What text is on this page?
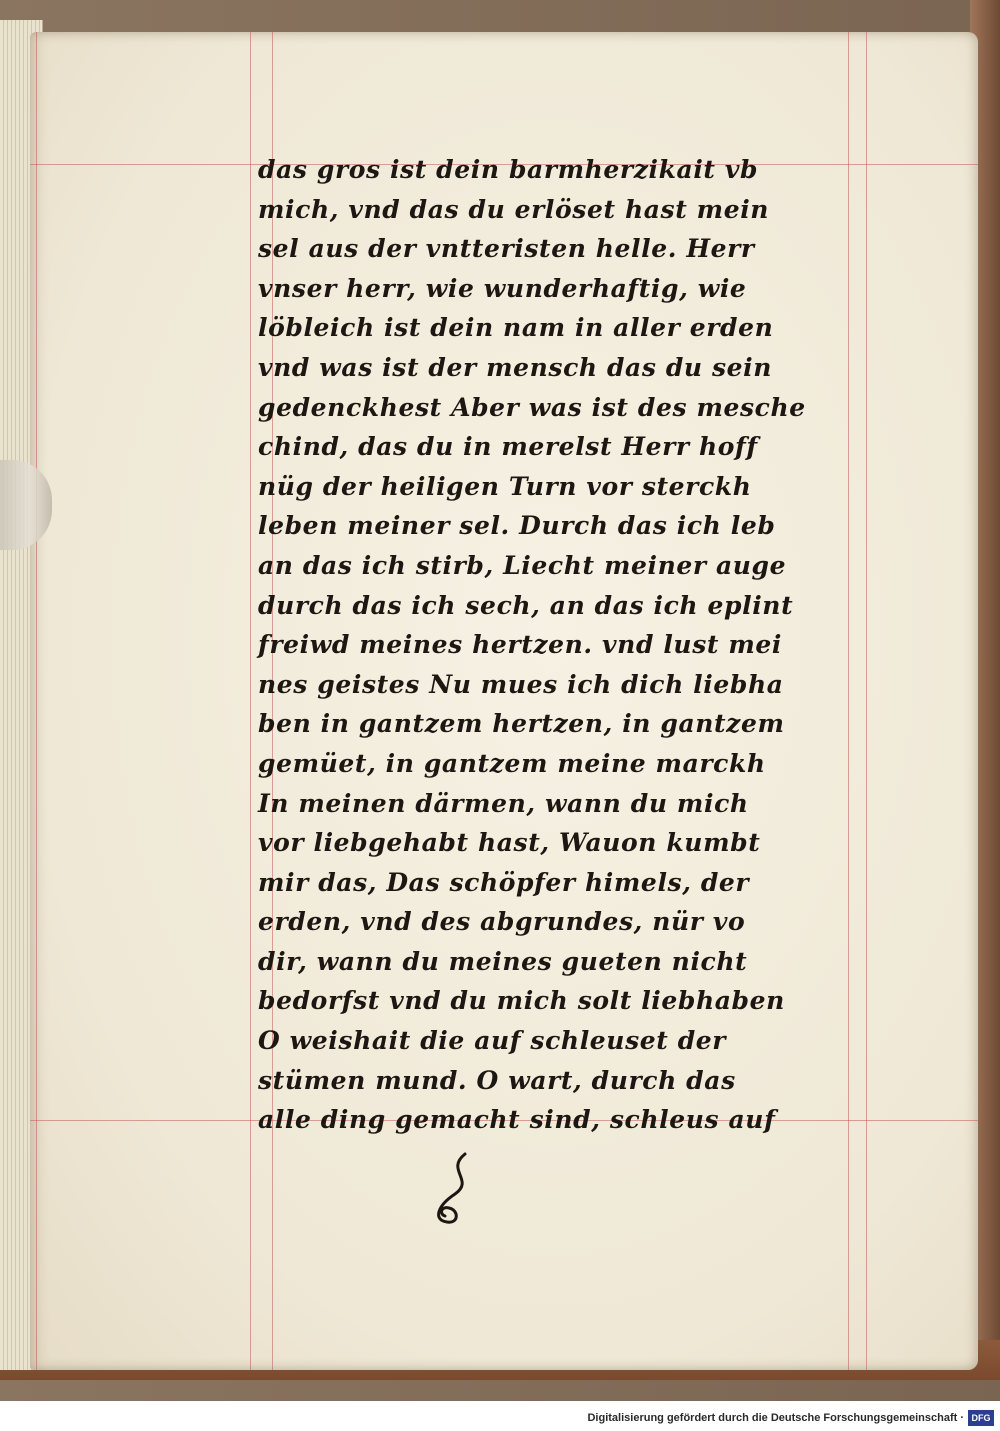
das gros ist dein barmherzikait vb
mich, vnd das du erlöset hast mein
sel aus der vntteristen helle. Herr
vnser herr, wie wunderhaftig, wie
löbleich ist dein nam in aller erden
vnd was ist der mensch das du sein
gedenckhest Aber was ist des mesche
chind, das du in merelst Herr hoff
nüg der heiligen Turn vor sterckh
leben meiner sel. Durch das ich leb
an das ich stirb, Liecht meiner auge
durch das ich sech, an das ich eplint
freiwd meines hertzen. vnd lust mei
nes geistes Nu mues ich dich liebha
ben in gantzem hertzen, in gantzem
gemüet, in gantzem meine marckh
In meinen därmen, wann du mich
vor liebgehabt hast, Wauon kumbt
mir das, Das schöpfer himels, der
erden, vnd des abgrundes, nür vo
dir, wann du meines gueten nicht
bedorfst vnd du mich solt liebhaben
O weishait die auf schleuset der
stümen mund. O wart, durch das
alle ding gemacht sind, schleus auf
Digitalisierung gefördert durch die Deutsche Forschungsgemeinschaft · DFG
